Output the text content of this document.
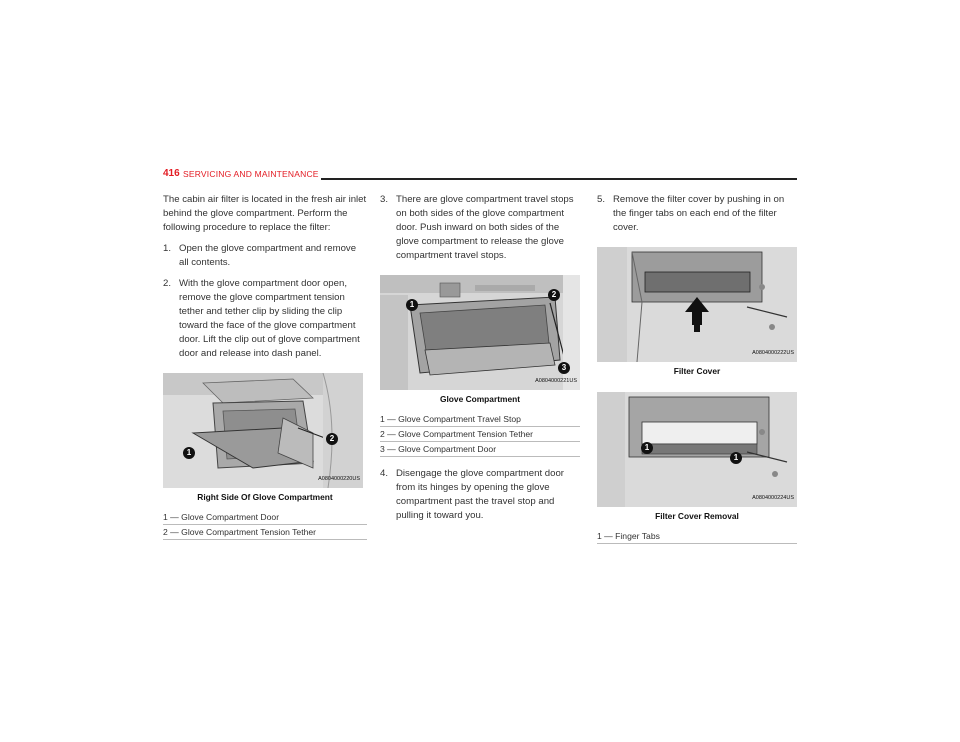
416 SERVICING AND MAINTENANCE

The cabin air filter is located in the fresh air inlet behind the glove compartment. Perform the following procedure to replace the filter:

1. Open the glove compartment and remove all contents.
2. With the glove compartment door open, remove the glove compartment tension tether and tether clip by sliding the clip toward the face of the glove compartment door. Lift the clip out of glove compartment door and release into dash panel.
1
2
A0804000220US
Right Side Of Glove Compartment
1 — Glove Compartment Door
2 — Glove Compartment Tension Tether
3. There are glove compartment travel stops on both sides of the glove compartment door. Push inward on both sides of the glove compartment to release the glove compartment travel stops.
1
2
3
A0804000221US
Glove Compartment
1 — Glove Compartment Travel Stop
2 — Glove Compartment Tension Tether
3 — Glove Compartment Door
4. Disengage the glove compartment door from its hinges by opening the glove compartment past the travel stop and pulling it toward you.
5. Remove the filter cover by pushing in on the finger tabs on each end of the filter cover.
A0804000222US
Filter Cover
1
1
A0804000224US
Filter Cover Removal
1 — Finger Tabs
